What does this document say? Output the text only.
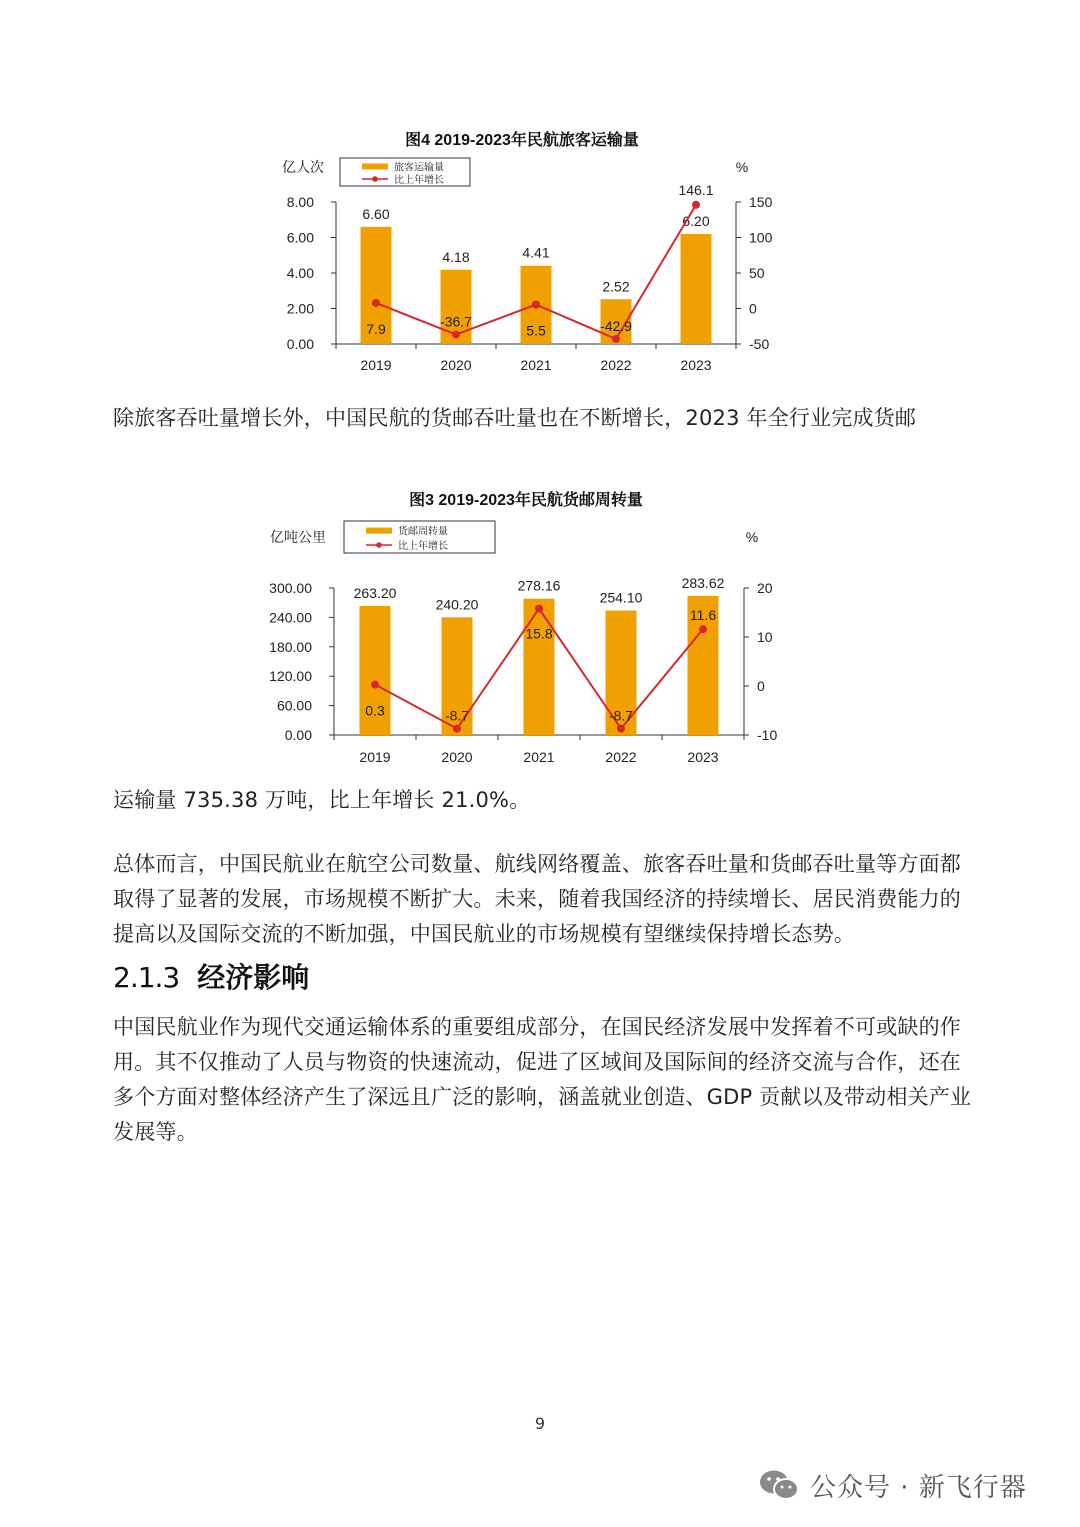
图4 2019-2023年民航旅客运输量
亿人次	%
旅客运输量
比上年增长
0.00
2.00
4.00
6.00
8.00
-50
0
50
100
150
2019	2020	2021	2022	2023
6.60
4.18	4.41
2.52
6.20
7.9	-36.7
5.5	-42.9
146.1

除旅客吞吐量增长外，中国民航的货邮吞吐量也在不断增长，2023 年全行业完成货邮

图3 2019-2023年民航货邮周转量
亿吨公里	%
货邮周转量
比上年增长
0.00
60.00
120.00
180.00
240.00
300.00
-10
0
10
20
2019	2020	2021	2022	2023
263.20
240.20
278.16
254.10
283.62
0.3	-8.7
15.8
-8.7
11.6

运输量 735.38 万吨，比上年增长 21.0%。

总体而言，中国民航业在航空公司数量、航线网络覆盖、旅客吞吐量和货邮吞吐量等方面都取得了显著的发展，市场规模不断扩大。未来，随着我国经济的持续增长、居民消费能力的提高以及国际交流的不断加强，中国民航业的市场规模有望继续保持增长态势。

2.1.3 经济影响

中国民航业作为现代交通运输体系的重要组成部分，在国民经济发展中发挥着不可或缺的作用。其不仅推动了人员与物资的快速流动，促进了区域间及国际间的经济交流与合作，还在多个方面对整体经济产生了深远且广泛的影响，涵盖就业创造、GDP 贡献以及带动相关产业发展等。

9
公众号 · 新飞行器
